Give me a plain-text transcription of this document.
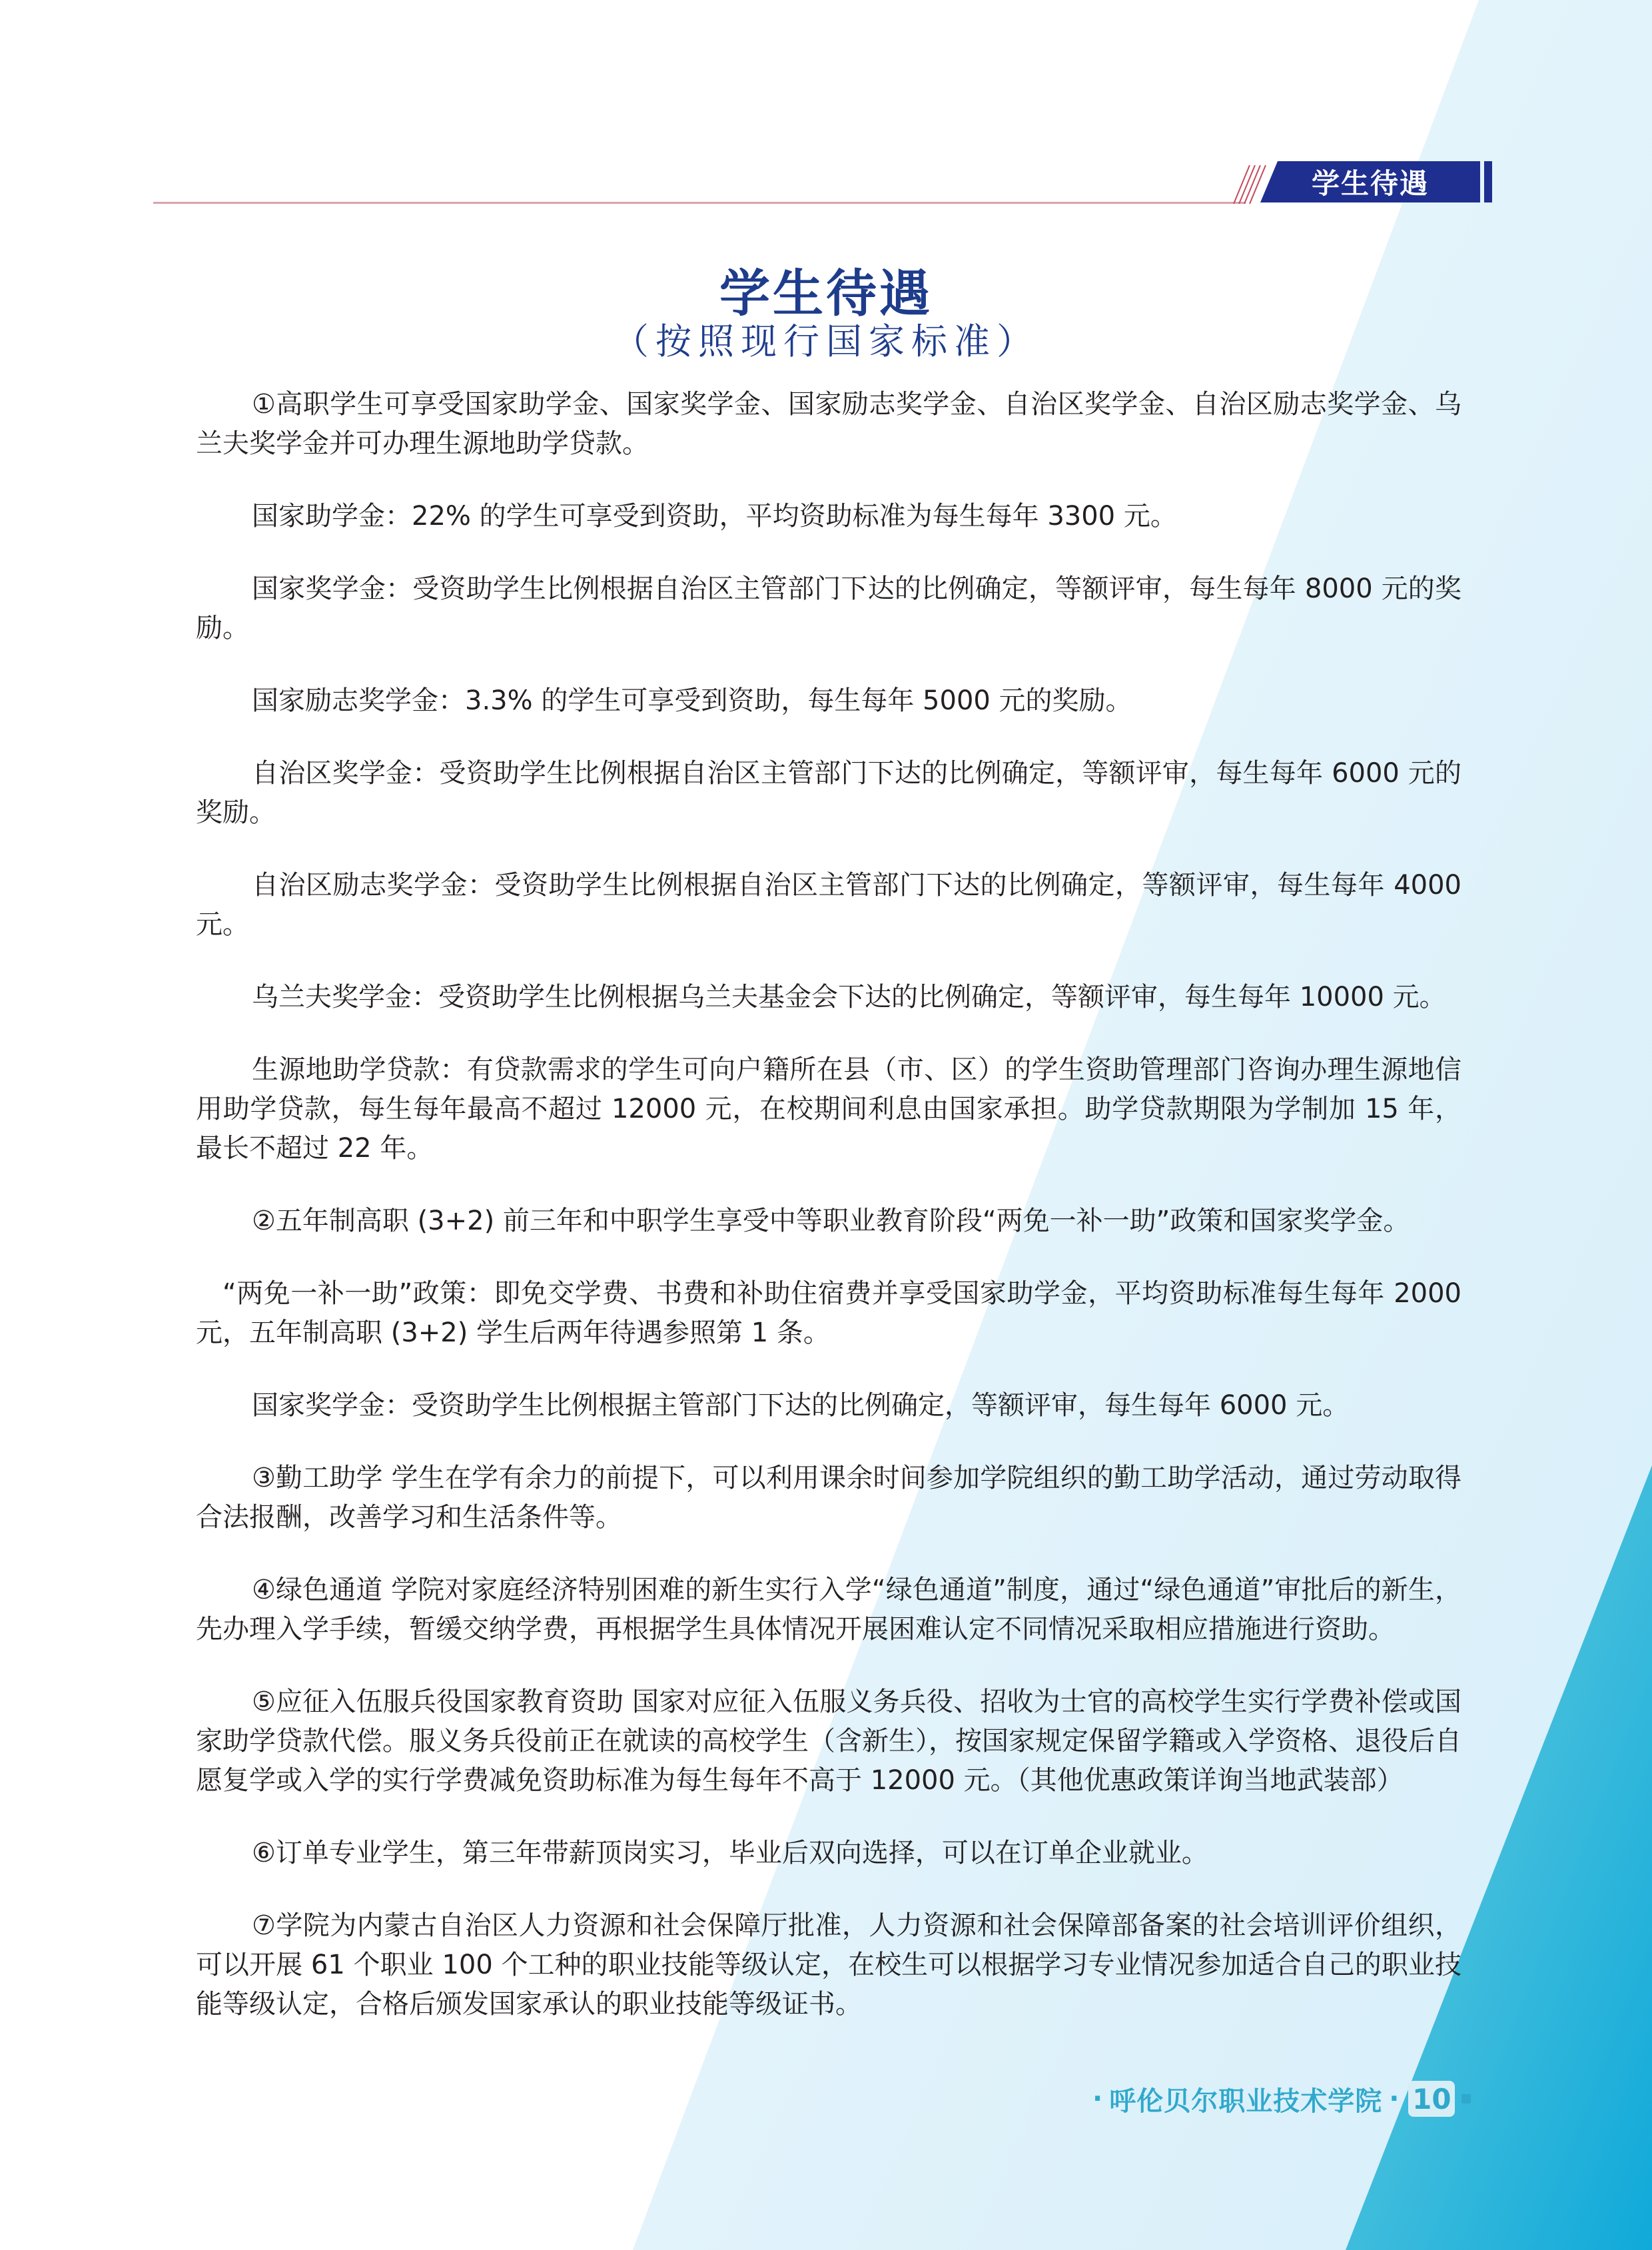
学生待遇
学生待遇
（按照现行国家标准）

①高职学生可享受国家助学金、国家奖学金、国家励志奖学金、自治区奖学金、自治区励志奖学金、乌兰夫奖学金并可办理生源地助学贷款。

国家助学金：22% 的学生可享受到资助，平均资助标准为每生每年 3300 元。

国家奖学金：受资助学生比例根据自治区主管部门下达的比例确定，等额评审，每生每年 8000 元的奖励。

国家励志奖学金：3.3% 的学生可享受到资助，每生每年 5000 元的奖励。

自治区奖学金：受资助学生比例根据自治区主管部门下达的比例确定，等额评审，每生每年 6000 元的奖励。

自治区励志奖学金：受资助学生比例根据自治区主管部门下达的比例确定，等额评审，每生每年 4000 元。

乌兰夫奖学金：受资助学生比例根据乌兰夫基金会下达的比例确定，等额评审，每生每年 10000 元。

生源地助学贷款：有贷款需求的学生可向户籍所在县（市、区）的学生资助管理部门咨询办理生源地信用助学贷款，每生每年最高不超过 12000 元，在校期间利息由国家承担。助学贷款期限为学制加 15 年，最长不超过 22 年。

②五年制高职 (3+2) 前三年和中职学生享受中等职业教育阶段“两免一补一助”政策和国家奖学金。

“两免一补一助”政策：即免交学费、书费和补助住宿费并享受国家助学金，平均资助标准每生每年 2000 元，五年制高职 (3+2) 学生后两年待遇参照第 1 条。

国家奖学金：受资助学生比例根据主管部门下达的比例确定，等额评审，每生每年 6000 元。

③勤工助学 学生在学有余力的前提下，可以利用课余时间参加学院组织的勤工助学活动，通过劳动取得合法报酬，改善学习和生活条件等。

④绿色通道 学院对家庭经济特别困难的新生实行入学“绿色通道”制度，通过“绿色通道”审批后的新生，先办理入学手续，暂缓交纳学费，再根据学生具体情况开展困难认定不同情况采取相应措施进行资助。

⑤应征入伍服兵役国家教育资助 国家对应征入伍服义务兵役、招收为士官的高校学生实行学费补偿或国家助学贷款代偿。服义务兵役前正在就读的高校学生（含新生），按国家规定保留学籍或入学资格、退役后自愿复学或入学的实行学费减免资助标准为每生每年不高于 12000 元。（其他优惠政策详询当地武装部）

⑥订单专业学生，第三年带薪顶岗实习，毕业后双向选择，可以在订单企业就业。

⑦学院为内蒙古自治区人力资源和社会保障厅批准，人力资源和社会保障部备案的社会培训评价组织，可以开展 61 个职业 100 个工种的职业技能等级认定，在校生可以根据学习专业情况参加适合自己的职业技能等级认定，合格后颁发国家承认的职业技能等级证书。

· 呼伦贝尔职业技术学院 · 10
